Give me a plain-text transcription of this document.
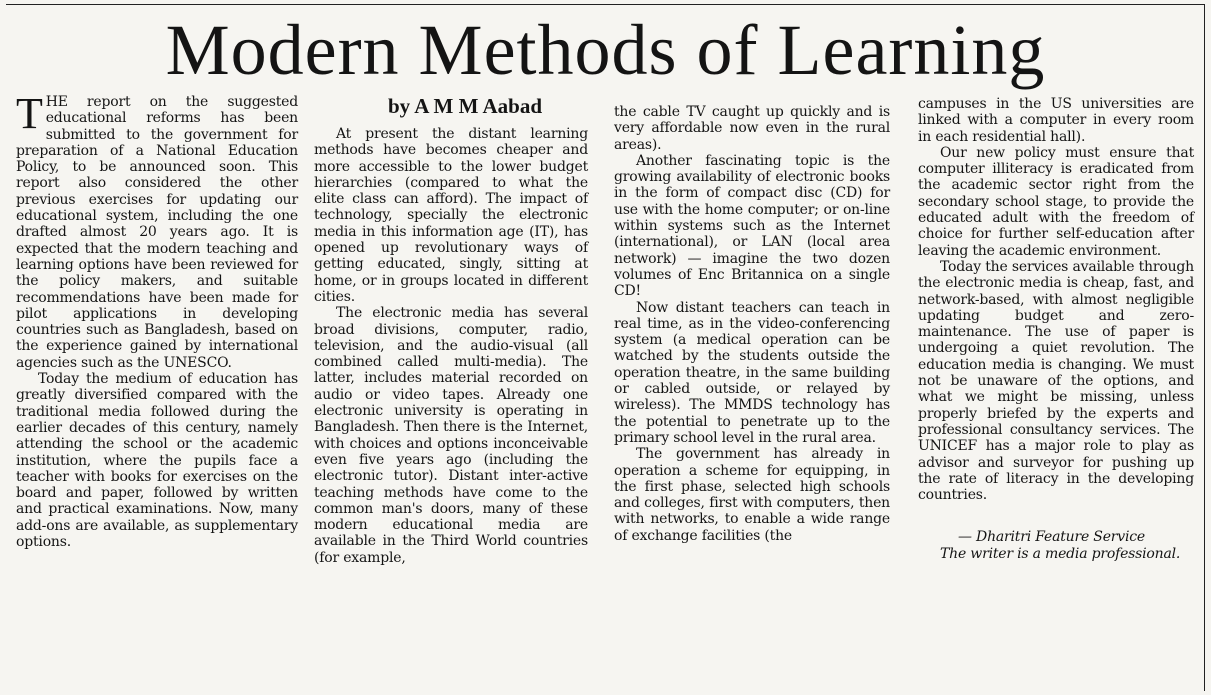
Modern Methods of Learning
by A M M Aabad

THE report on the suggested educational reforms has been submitted to the government for preparation of a National Education Policy, to be announced soon. This report also considered the other previous exercises for updating our educational system, including the one drafted almost 20 years ago. It is expected that the modern teaching and learning options have been reviewed for the policy makers, and suitable recommendations have been made for pilot applications in developing countries such as Bangladesh, based on the experience gained by international agencies such as the UNESCO.

Today the medium of education has greatly diversified compared with the traditional media followed during the earlier decades of this century, namely attending the school or the academic institution, where the pupils face a teacher with books for exercises on the board and paper, followed by written and practical examinations. Now, many add-ons are available, as supplementary options.

At present the distant learning methods have becomes cheaper and more accessible to the lower budget hierarchies (compared to what the elite class can afford). The impact of technology, specially the electronic media in this information age (IT), has opened up revolutionary ways of getting educated, singly, sitting at home, or in groups located in different cities.

The electronic media has several broad divisions, computer, radio, television, and the audio-visual (all combined called multi-media). The latter, includes material recorded on audio or video tapes. Already one electronic university is operating in Bangladesh. Then there is the Internet, with choices and options inconceivable even five years ago (including the electronic tutor). Distant inter-active teaching methods have come to the common man's doors, many of these modern educational media are available in the Third World countries (for example,

the cable TV caught up quickly and is very affordable now even in the rural areas).

Another fascinating topic is the growing availability of electronic books in the form of compact disc (CD) for use with the home computer; or on-line within systems such as the Internet (international), or LAN (local area network) — imagine the two dozen volumes of Enc Britannica on a single CD!

Now distant teachers can teach in real time, as in the video-conferencing system (a medical operation can be watched by the students outside the operation theatre, in the same building or cabled outside, or relayed by wireless). The MMDS technology has the potential to penetrate up to the primary school level in the rural area.

The government has already in operation a scheme for equipping, in the first phase, selected high schools and colleges, first with computers, then with networks, to enable a wide range of exchange facilities (the

campuses in the US universities are linked with a computer in every room in each residential hall).

Our new policy must ensure that computer illiteracy is eradicated from the academic sector right from the secondary school stage, to provide the educated adult with the freedom of choice for further self-education after leaving the academic environment.

Today the services available through the electronic media is cheap, fast, and network-based, with almost negligible updating budget and zero-maintenance. The use of paper is undergoing a quiet revolution. The education media is changing. We must not be unaware of the options, and what we might be missing, unless properly briefed by the experts and professional consultancy services. The UNICEF has a major role to play as advisor and surveyor for pushing up the rate of literacy in the developing countries.

— Dharitri Feature Service

The writer is a media professional.
